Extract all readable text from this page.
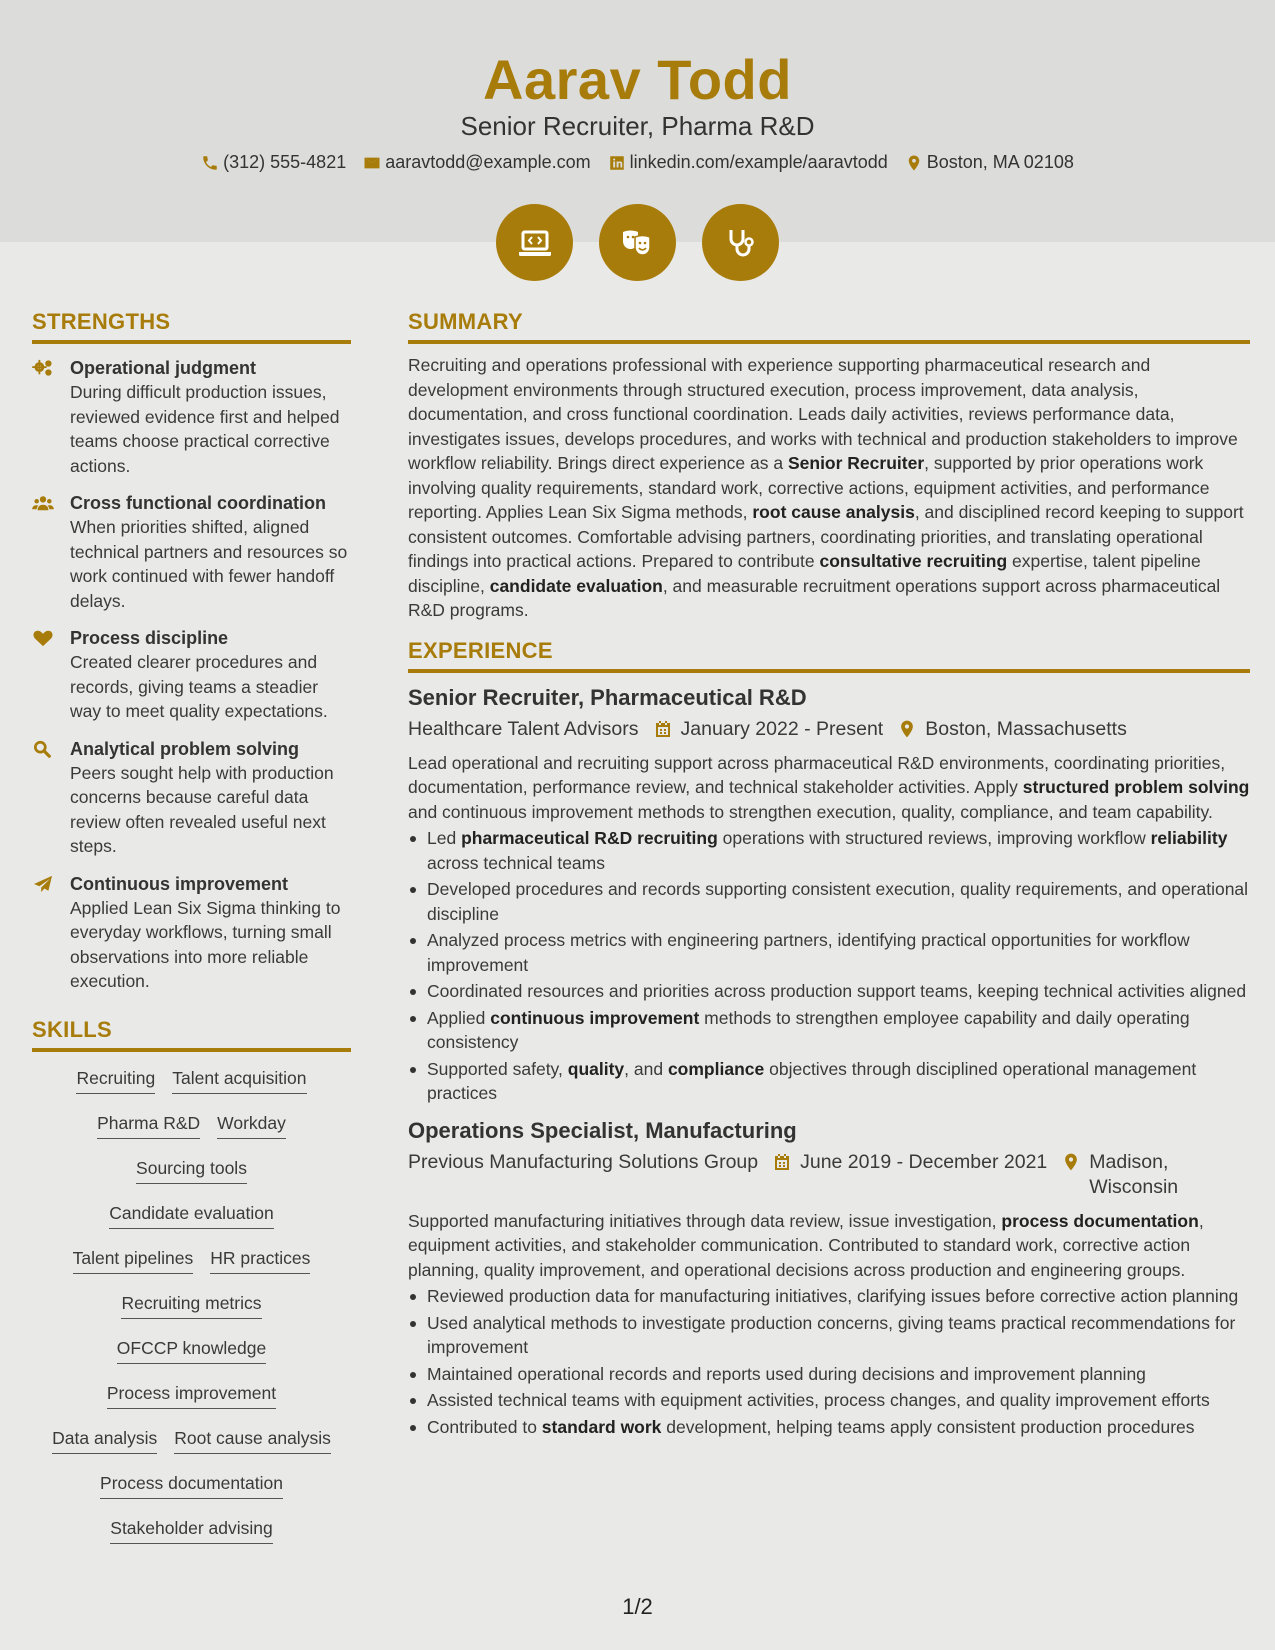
Aarav Todd
Senior Recruiter, Pharma R&D
(312) 555-4821 aaravtodd@example.com linkedin.com/example/aaravtodd Boston, MA 02108
STRENGTHS
Operational judgment
During difficult production issues, reviewed evidence first and helped teams choose practical corrective actions.
Cross functional coordination
When priorities shifted, aligned technical partners and resources so work continued with fewer handoff delays.
Process discipline
Created clearer procedures and records, giving teams a steadier way to meet quality expectations.
Analytical problem solving
Peers sought help with production concerns because careful data review often revealed useful next steps.
Continuous improvement
Applied Lean Six Sigma thinking to everyday workflows, turning small observations into more reliable execution.
SKILLS
Recruiting Talent acquisition
Pharma R&D Workday
Sourcing tools
Candidate evaluation
Talent pipelines HR practices
Recruiting metrics
OFCCP knowledge
Process improvement
Data analysis Root cause analysis
Process documentation
Stakeholder advising
SUMMARY
Recruiting and operations professional with experience supporting pharmaceutical research and development environments through structured execution, process improvement, data analysis, documentation, and cross functional coordination. Leads daily activities, reviews performance data, investigates issues, develops procedures, and works with technical and production stakeholders to improve workflow reliability. Brings direct experience as a Senior Recruiter, supported by prior operations work involving quality requirements, standard work, corrective actions, equipment activities, and performance reporting. Applies Lean Six Sigma methods, root cause analysis, and disciplined record keeping to support consistent outcomes. Comfortable advising partners, coordinating priorities, and translating operational findings into practical actions. Prepared to contribute consultative recruiting expertise, talent pipeline discipline, candidate evaluation, and measurable recruitment operations support across pharmaceutical R&D programs.
EXPERIENCE
Senior Recruiter, Pharmaceutical R&D
Healthcare Talent Advisors January 2022 - Present Boston, Massachusetts
Lead operational and recruiting support across pharmaceutical R&D environments, coordinating priorities, documentation, performance review, and technical stakeholder activities. Apply structured problem solving and continuous improvement methods to strengthen execution, quality, compliance, and team capability.
Led pharmaceutical R&D recruiting operations with structured reviews, improving workflow reliability across technical teams
Developed procedures and records supporting consistent execution, quality requirements, and operational discipline
Analyzed process metrics with engineering partners, identifying practical opportunities for workflow improvement
Coordinated resources and priorities across production support teams, keeping technical activities aligned
Applied continuous improvement methods to strengthen employee capability and daily operating consistency
Supported safety, quality, and compliance objectives through disciplined operational management practices
Operations Specialist, Manufacturing
Previous Manufacturing Solutions Group June 2019 - December 2021 Madison, Wisconsin
Supported manufacturing initiatives through data review, issue investigation, process documentation, equipment activities, and stakeholder communication. Contributed to standard work, corrective action planning, quality improvement, and operational decisions across production and engineering groups.
Reviewed production data for manufacturing initiatives, clarifying issues before corrective action planning
Used analytical methods to investigate production concerns, giving teams practical recommendations for improvement
Maintained operational records and reports used during decisions and improvement planning
Assisted technical teams with equipment activities, process changes, and quality improvement efforts
Contributed to standard work development, helping teams apply consistent production procedures
1/2
